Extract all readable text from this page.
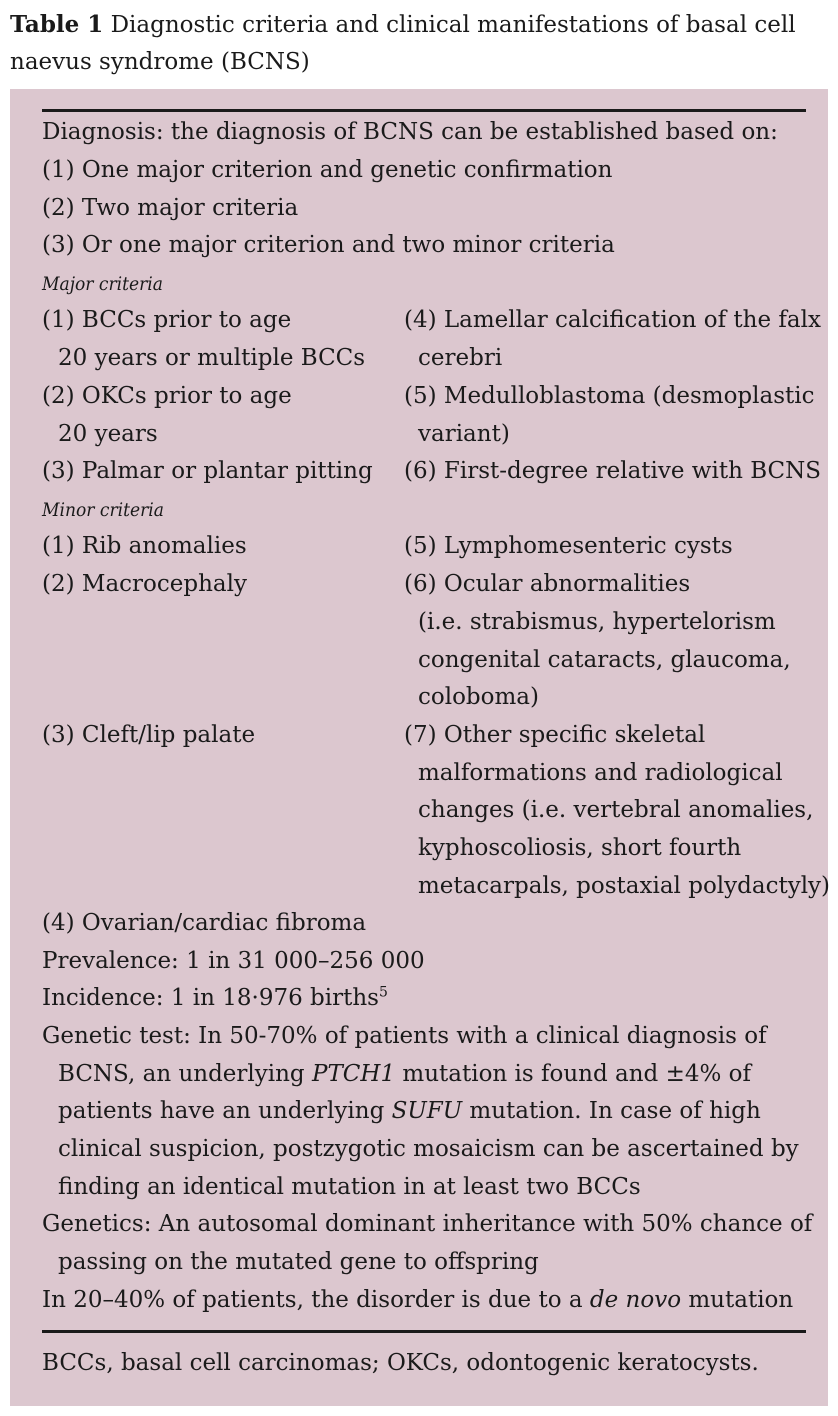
Table 1 Diagnostic criteria and clinical manifestations of basal cell
naevus syndrome (BCNS)
Diagnosis: the diagnosis of BCNS can be established based on:
(1) One major criterion and genetic confirmation
(2) Two major criteria
(3) Or one major criterion and two minor criteria
Major criteria
(1) BCCs prior to age
20 years or multiple BCCs
(2) OKCs prior to age
20 years
(3) Palmar or plantar pitting
(4) Lamellar calcification of the falx
cerebri
(5) Medulloblastoma (desmoplastic
variant)
(6) First-degree relative with BCNS
Minor criteria
(1) Rib anomalies
(2) Macrocephaly
(3) Cleft/lip palate
(4) Ovarian/cardiac fibroma
(5) Lymphomesenteric cysts
(6) Ocular abnormalities
(i.e. strabismus, hypertelorism
congenital cataracts, glaucoma,
coloboma)
(7) Other specific skeletal
malformations and radiological
changes (i.e. vertebral anomalies,
kyphoscoliosis, short fourth
metacarpals, postaxial polydactyly)
Prevalence: 1 in 31 000–256 000
Incidence: 1 in 18·976 births$^5$
Genetic test: In 50-70% of patients with a clinical diagnosis of
BCNS, an underlying PTCH1 mutation is found and ±4% of
patients have an underlying SUFU mutation. In case of high
clinical suspicion, postzygotic mosaicism can be ascertained by
finding an identical mutation in at least two BCCs
Genetics: An autosomal dominant inheritance with 50% chance of
passing on the mutated gene to offspring
In 20–40% of patients, the disorder is due to a de novo mutation
BCCs, basal cell carcinomas; OKCs, odontogenic keratocysts.
